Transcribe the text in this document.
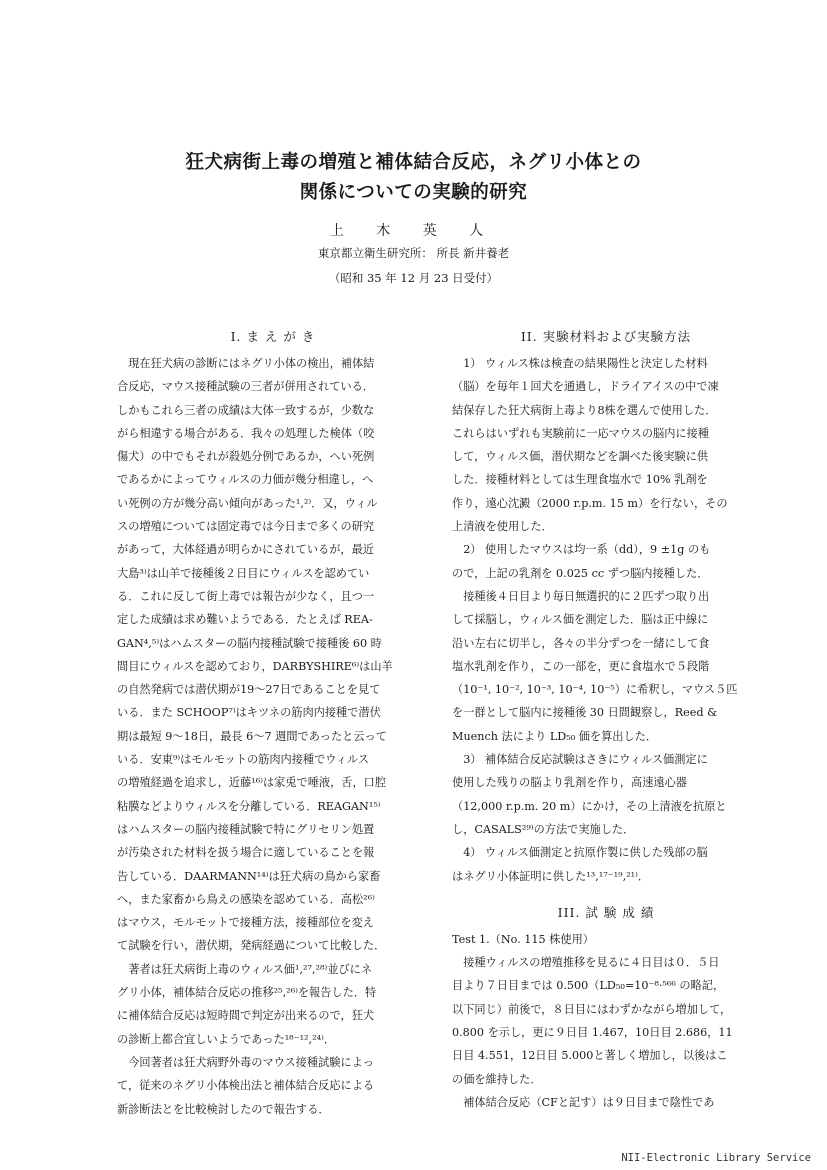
狂犬病街上毒の増殖と補体結合反応，ネグリ小体との
関係についての実験的研究
上 木 英 人
東京都立衛生研究所： 所長 新井養老
（昭和 35 年 12 月 23 日受付）
I. ま え が き
　現在狂犬病の診断にはネグリ小体の検出，補体結
合反応，マウス接種試験の三者が併用されている．
しかもこれら三者の成績は大体一致するが，少数な
がら相違する場合がある．我々の処理した検体（咬
傷犬）の中でもそれが殺処分例であるか，へい死例
であるかによってウィルスの力価が幾分相違し，へ
い死例の方が幾分高い傾向があった¹,²⁾．又，ウィル
スの増殖については固定毒では今日まで多くの研究
があって，大体経過が明らかにされているが，最近
大島³⁾は山羊で接種後２日目にウィルスを認めてい
る．これに反して街上毒では報告が少なく，且つ一
定した成績は求め難いようである．たとえば REA-
GAN⁴,⁵⁾はハムスターの脳内接種試験で接種後 60 時
間目にウィルスを認めており，DARBYSHIRE⁶⁾は山羊
の自然発病では潜伏期が19〜27日であることを見て
いる．また SCHOOP⁷⁾はキツネの筋肉内接種で潜伏
期は最短 9〜18日，最長 6〜7 週間であったと云って
いる．安東⁹⁾はモルモットの筋肉内接種でウィルス
の増殖経過を追求し，近藤¹⁶⁾は家兎で唾液，舌，口腔
粘膜などよりウィルスを分離している．REAGAN¹⁵⁾
はハムスターの脳内接種試験で特にグリセリン処置
が汚染された材料を扱う場合に適していることを報
告している．DAARMANN¹⁴⁾は狂犬病の鳥から家畜
へ，また家畜から鳥えの感染を認めている．高松²⁶⁾
はマウス，モルモットで接種方法，接種部位を変え
て試験を行い，潜伏期，発病経過について比較した．
　著者は狂犬病街上毒のウィルス価¹,²⁷,²⁸⁾並びにネ
グリ小体，補体結合反応の推移²⁵,²⁶⁾を報告した．特
に補体結合反応は短時間で判定が出来るので，狂犬
の診断上都合宜しいようであった¹⁸⁻¹²,²⁴⁾．
　今回著者は狂犬病野外毒のマウス接種試験によっ
て，従来のネグリ小体検出法と補体結合反応による
新診断法とを比較検討したので報告する．
II. 実験材料および実験方法
　1） ウィルス株は検査の結果陽性と決定した材料
（脳）を毎年１回犬を通過し，ドライアイスの中で凍
結保存した狂犬病街上毒より8株を選んで使用した．
これらはいずれも実験前に一応マウスの脳内に接種
して，ウィルス価，潜伏期などを調べた後実験に供
した．接種材料としては生理食塩水で 10% 乳剤を
作り，遠心沈澱（2000 r.p.m. 15 m）を行ない，その
上清液を使用した．
　2） 使用したマウスは均一系（dd），9 ±1g のも
ので，上記の乳剤を 0.025 cc ずつ脳内接種した．
　接種後４日目より毎日無選択的に２匹ずつ取り出
して採脳し，ウィルス価を測定した．脳は正中線に
沿い左右に切半し，各々の半分ずつを一緒にして食
塩水乳剤を作り，この一部を，更に食塩水で５段階
（10⁻¹, 10⁻², 10⁻³, 10⁻⁴, 10⁻⁵）に希釈し，マウス５匹
を一群として脳内に接種後 30 日間観察し，Reed &
Muench 法により LD₅₀ 価を算出した．
　3） 補体結合反応試験はさきにウィルス価測定に
使用した残りの脳より乳剤を作り，高速遠心器
（12,000 r.p.m. 20 m）にかけ，その上清液を抗原と
し，CASALS²⁹⁾の方法で実施した．
　4） ウィルス価測定と抗原作製に供した残部の脳
はネグリ小体証明に供した¹³,¹⁷⁻¹⁹,²¹⁾．
III. 試 験 成 績
Test 1.（No. 115 株使用）
　接種ウィルスの増殖推移を見るに４日目は０．５日
目より７日目までは 0.500（LD₅₀=10⁻⁸·⁵⁶⁶ の略記，
以下同じ）前後で，８日目にはわずかながら増加して，
0.800 を示し，更に９日目 1.467，10日目 2.686，11
日目 4.551，12日目 5.000と著しく増加し，以後はこ
の価を維持した．
　補体結合反応（CFと記す）は９日目まで陰性であ
NII-Electronic Library Service
